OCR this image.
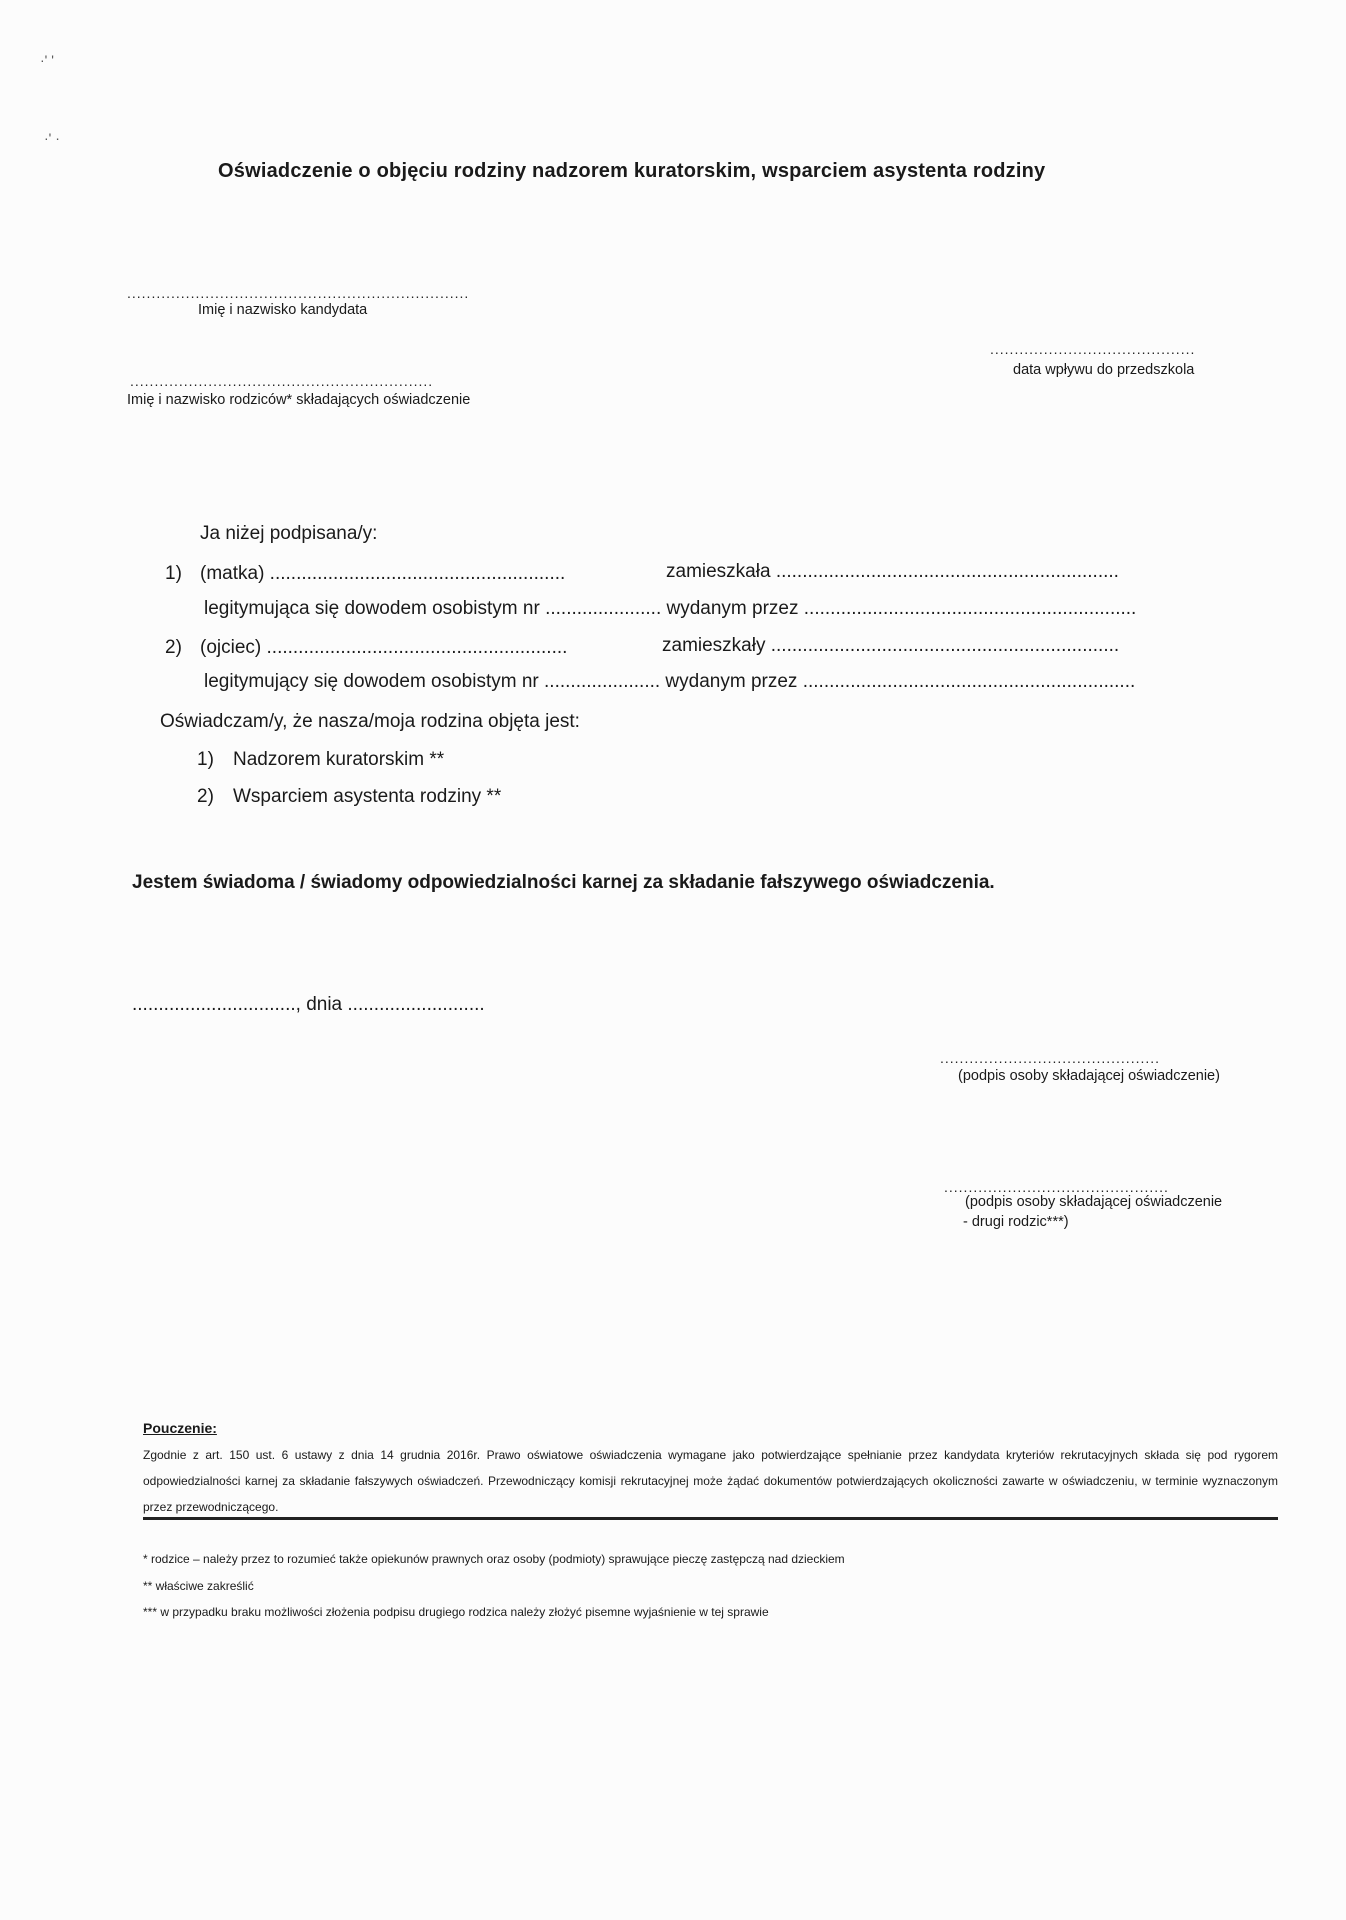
·' '
·' ·
Oświadczenie o objęciu rodziny nadzorem kuratorskim, wsparciem asystenta rodziny
......................................................................
Imię i nazwisko kandydata
..........................................
data wpływu do przedszkola
..............................................................
Imię i nazwisko rodziców* składających oświadczenie
Ja niżej podpisana/y:
1) (matka) ........................................................	zamieszkała .................................................................
legitymująca się dowodem osobistym nr ...................... wydanym przez ...............................................................
2) (ojciec) .........................................................	zamieszkały ..................................................................
legitymujący się dowodem osobistym nr ...................... wydanym przez ...............................................................
Oświadczam/y, że nasza/moja rodzina objęta jest:
1) Nadzorem kuratorskim **
2) Wsparciem asystenta rodziny **
Jestem świadoma / świadomy odpowiedzialności karnej za składanie fałszywego oświadczenia.
..............................., dnia ..........................
.............................................
(podpis osoby składającej oświadczenie)
..............................................
(podpis osoby składającej oświadczenie
- drugi rodzic***)
Pouczenie:
Zgodnie z art. 150 ust. 6 ustawy z dnia 14 grudnia 2016r. Prawo oświatowe oświadczenia wymagane jako potwierdzające spełnianie przez kandydata kryteriów rekrutacyjnych składa się pod rygorem odpowiedzialności karnej za składanie fałszywych oświadczeń. Przewodniczący komisji rekrutacyjnej może żądać dokumentów potwierdzających okoliczności zawarte w oświadczeniu, w terminie wyznaczonym przez przewodniczącego.
* rodzice – należy przez to rozumieć także opiekunów prawnych oraz osoby (podmioty) sprawujące pieczę zastępczą nad dzieckiem
** właściwe zakreślić
*** w przypadku braku możliwości złożenia podpisu drugiego rodzica należy złożyć pisemne wyjaśnienie w tej sprawie
